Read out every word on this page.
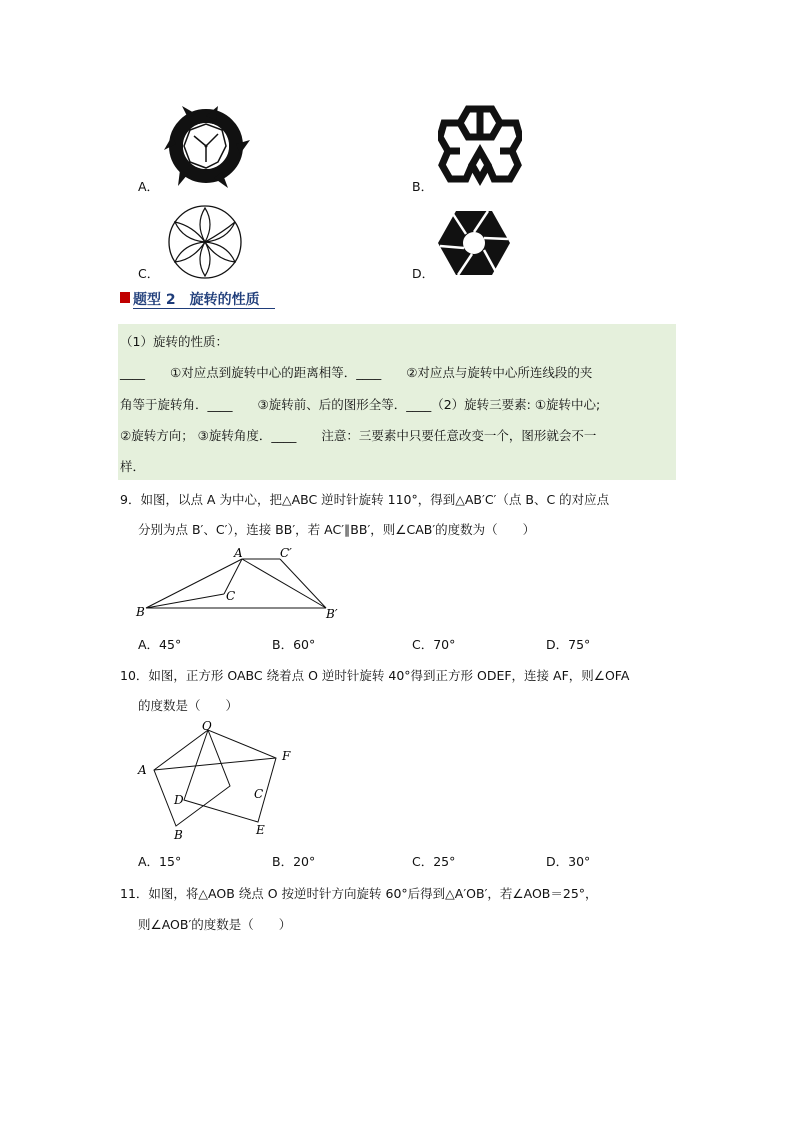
A．	B．
C．	D．
题型 2　旋转的性质
（1）旋转的性质：
____　　①对应点到旋转中心的距离相等．____　　②对应点与旋转中心所连线段的夹
角等于旋转角．____　　③旋转前、后的图形全等．____（2）旋转三要素: ①旋转中心;
②旋转方向； ③旋转角度．____　　注意：三要素中只要任意改变一个，图形就会不一
样．
9．如图，以点 A 为中心，把△ABC 逆时针旋转 110°，得到△AB′C′（点 B、C 的对应点
分别为点 B′、C′），连接 BB′，若 AC′∥BB′，则∠CAB′的度数为（　　）
A	C′
B
C
B′
A．45°	B．60°	C．70°	D．75°
10．如图，正方形 OABC 绕着点 O 逆时针旋转 40°得到正方形 ODEF，连接 AF，则∠OFA
的度数是（　　）
O
A
B
C
D
E
F
A．15°	B．20°	C．25°	D．30°
11．如图，将△AOB 绕点 O 按逆时针方向旋转 60°后得到△A′OB′，若∠AOB＝25°，
则∠AOB′的度数是（　　）
